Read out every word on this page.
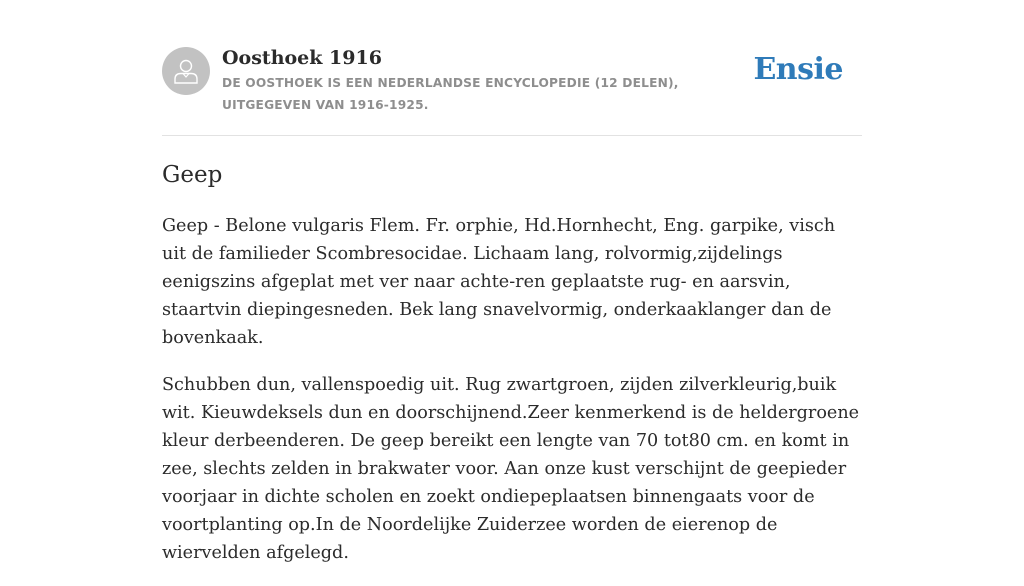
Oosthoek 1916

DE OOSTHOEK IS EEN NEDERLANDSE ENCYCLOPEDIE (12 DELEN), UITGEGEVEN VAN 1916-1925.

Ensie
Geep

Geep - Belone vulgaris Flem. Fr. orphie, Hd.Hornhecht, Eng. garpike, visch uit de familieder Scombresocidae. Lichaam lang, rolvormig,zijdelings eenigszins afgeplat met ver naar achte-ren geplaatste rug- en aarsvin, staartvin diepingesneden. Bek lang snavelvormig, onderkaaklanger dan de bovenkaak.

Schubben dun, vallenspoedig uit. Rug zwartgroen, zijden zilverkleurig,buik wit. Kieuwdeksels dun en doorschijnend.Zeer kenmerkend is de heldergroene kleur derbeenderen. De geep bereikt een lengte van 70 tot80 cm. en komt in zee, slechts zelden in brakwater voor. Aan onze kust verschijnt de geepieder voorjaar in dichte scholen en zoekt ondiepeplaatsen binnengaats voor de voortplanting op.In de Noordelijke Zuiderzee worden de eierenop de wiervelden afgelegd.
